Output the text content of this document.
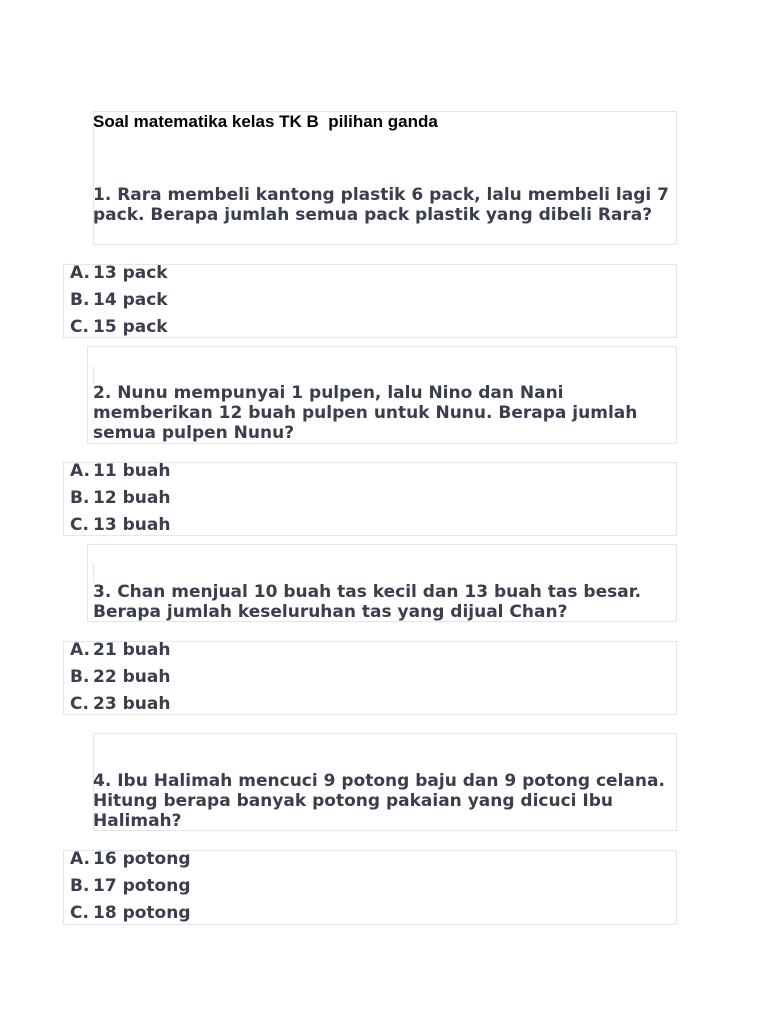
Soal matematika kelas TK B  pilihan ganda

1. Rara membeli kantong plastik 6 pack, lalu membeli lagi 7 pack. Berapa jumlah semua pack plastik yang dibeli Rara?

A. 13 pack
B. 14 pack
C. 15 pack

2. Nunu mempunyai 1 pulpen, lalu Nino dan Nani memberikan 12 buah pulpen untuk Nunu. Berapa jumlah semua pulpen Nunu?

A. 11 buah
B. 12 buah
C. 13 buah

3. Chan menjual 10 buah tas kecil dan 13 buah tas besar. Berapa jumlah keseluruhan tas yang dijual Chan?

A. 21 buah
B. 22 buah
C. 23 buah

4. Ibu Halimah mencuci 9 potong baju dan 9 potong celana. Hitung berapa banyak potong pakaian yang dicuci Ibu Halimah?

A. 16 potong
B. 17 potong
C. 18 potong
